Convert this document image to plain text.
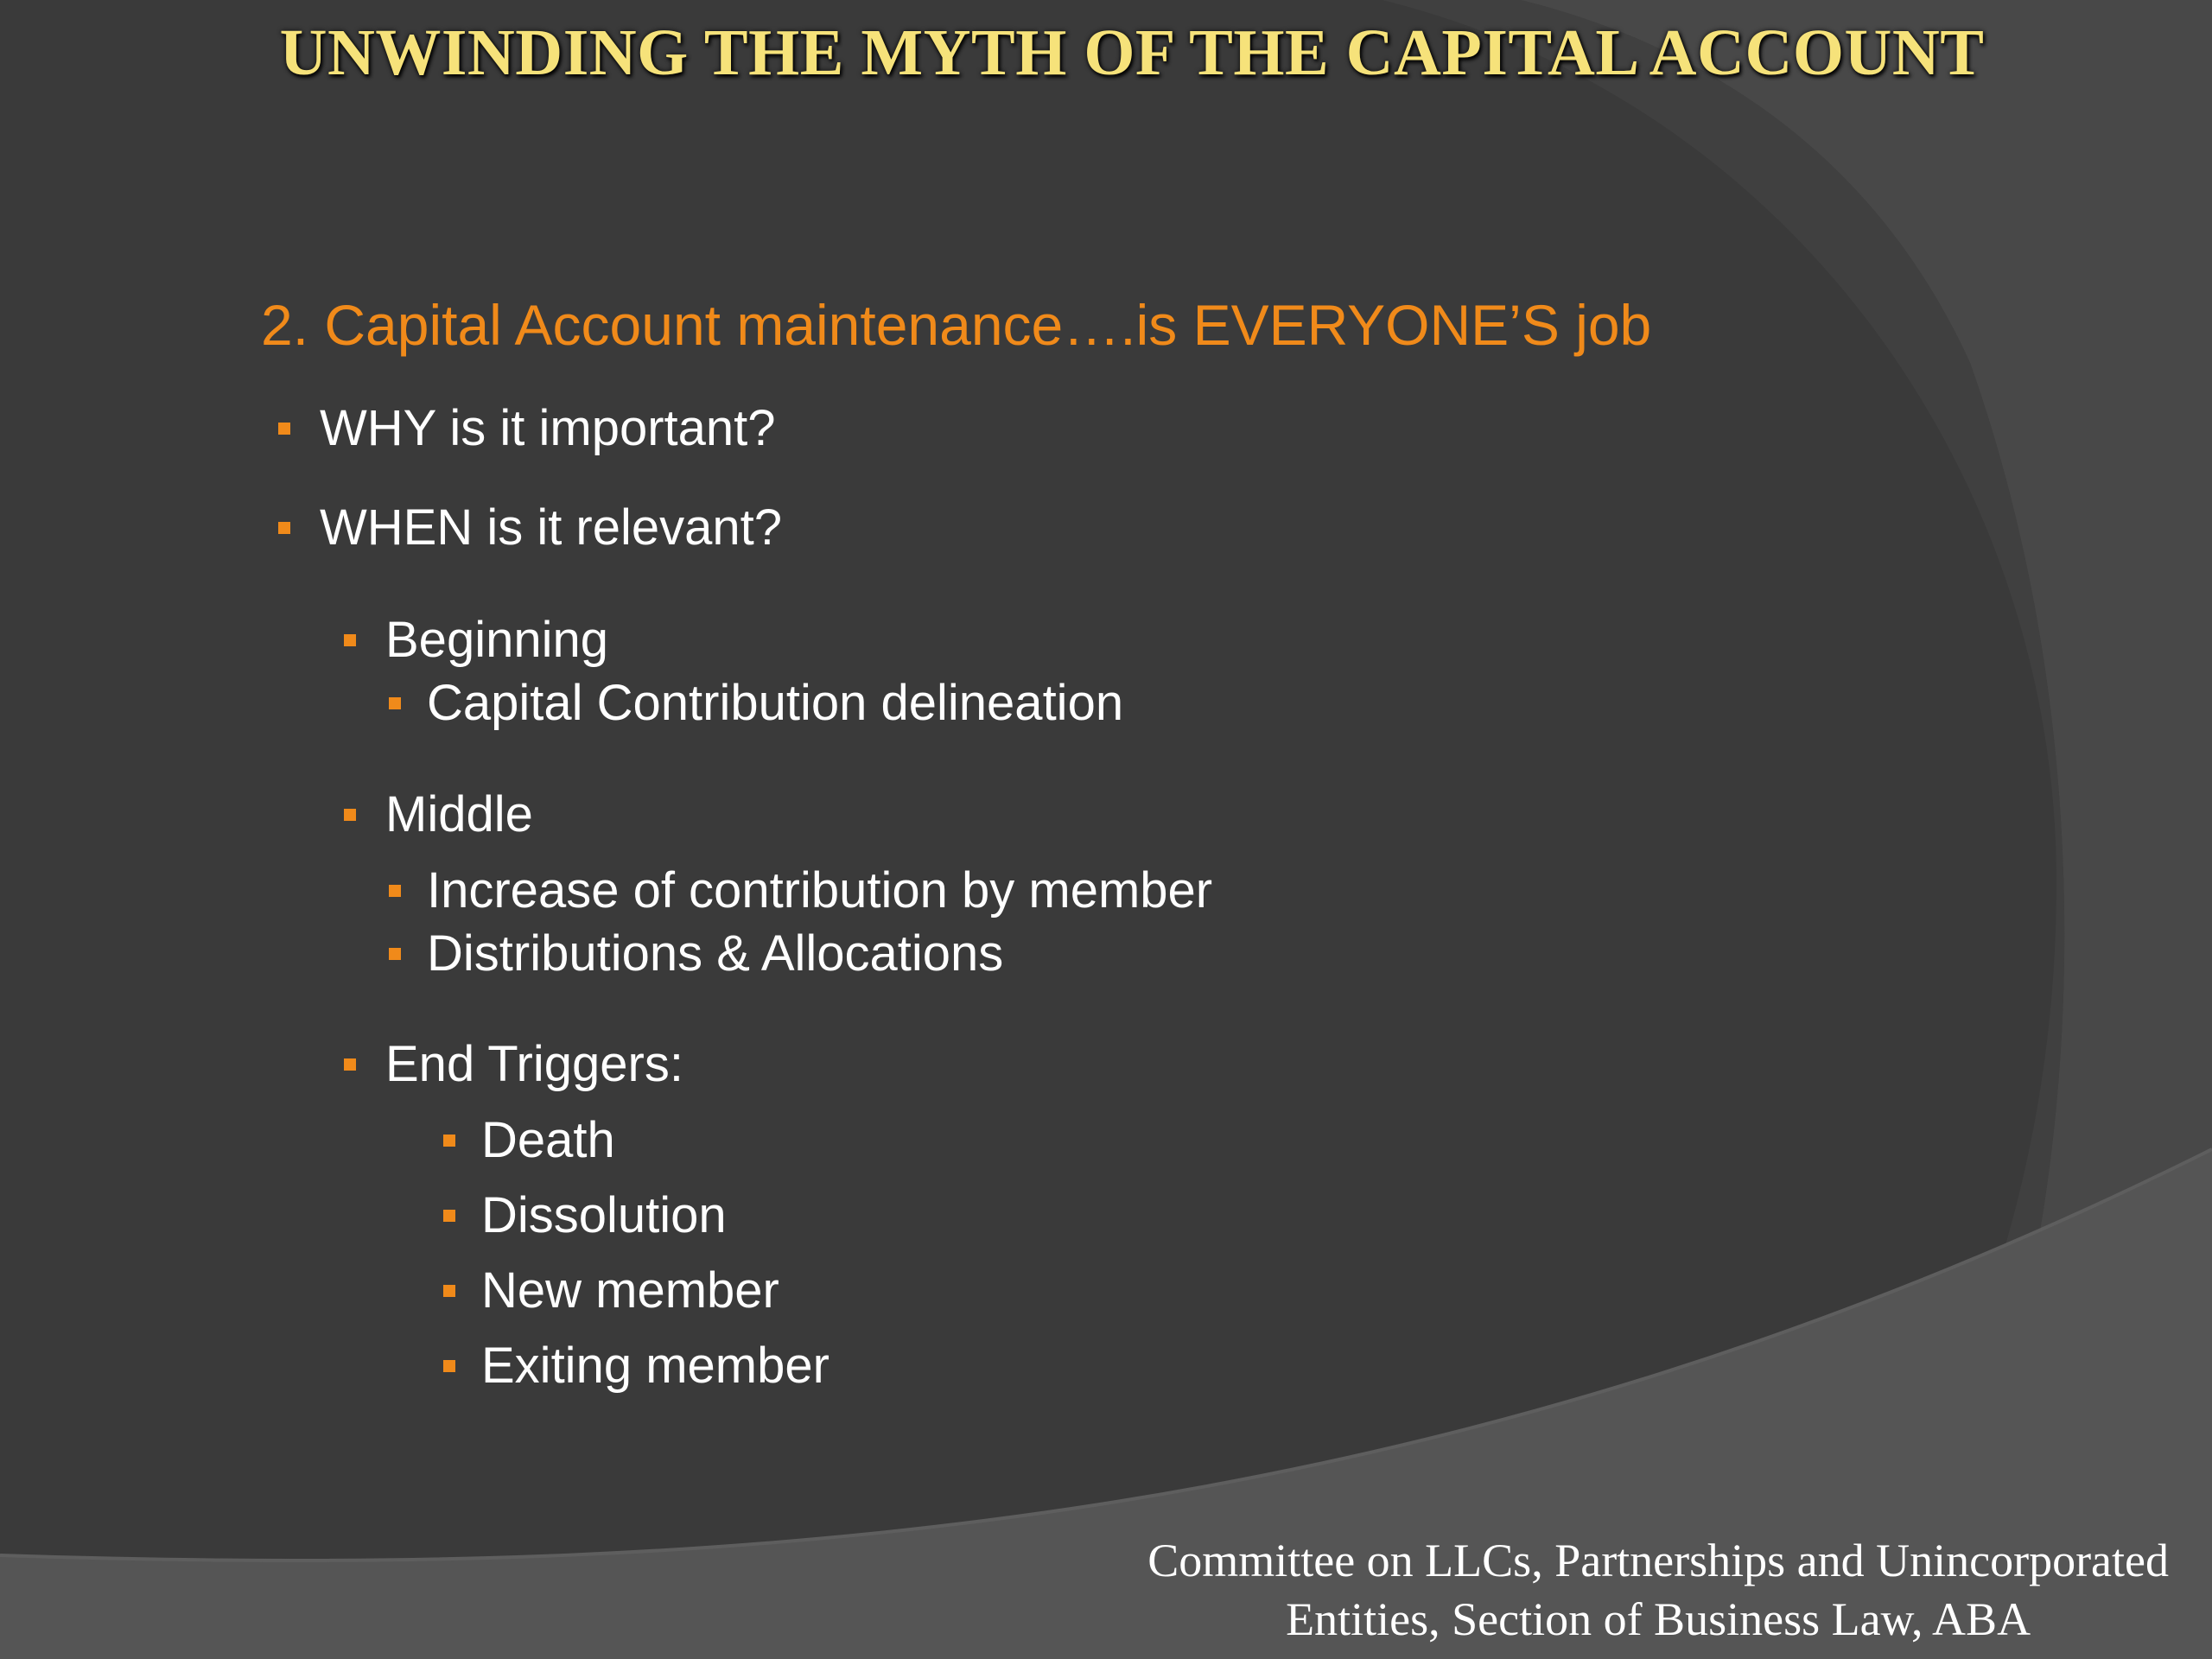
UNWINDING THE MYTH OF THE CAPITAL ACCOUNT
2. Capital Account maintenance….is EVERYONE’S job
WHY is it important?
WHEN is it relevant?
Beginning
Capital Contribution delineation
Middle
Increase of contribution by member
Distributions & Allocations
End Triggers:
Death
Dissolution
New member
Exiting member
Committee on LLCs, Partnerships and Unincorporated
Entities, Section of Business Law, ABA
